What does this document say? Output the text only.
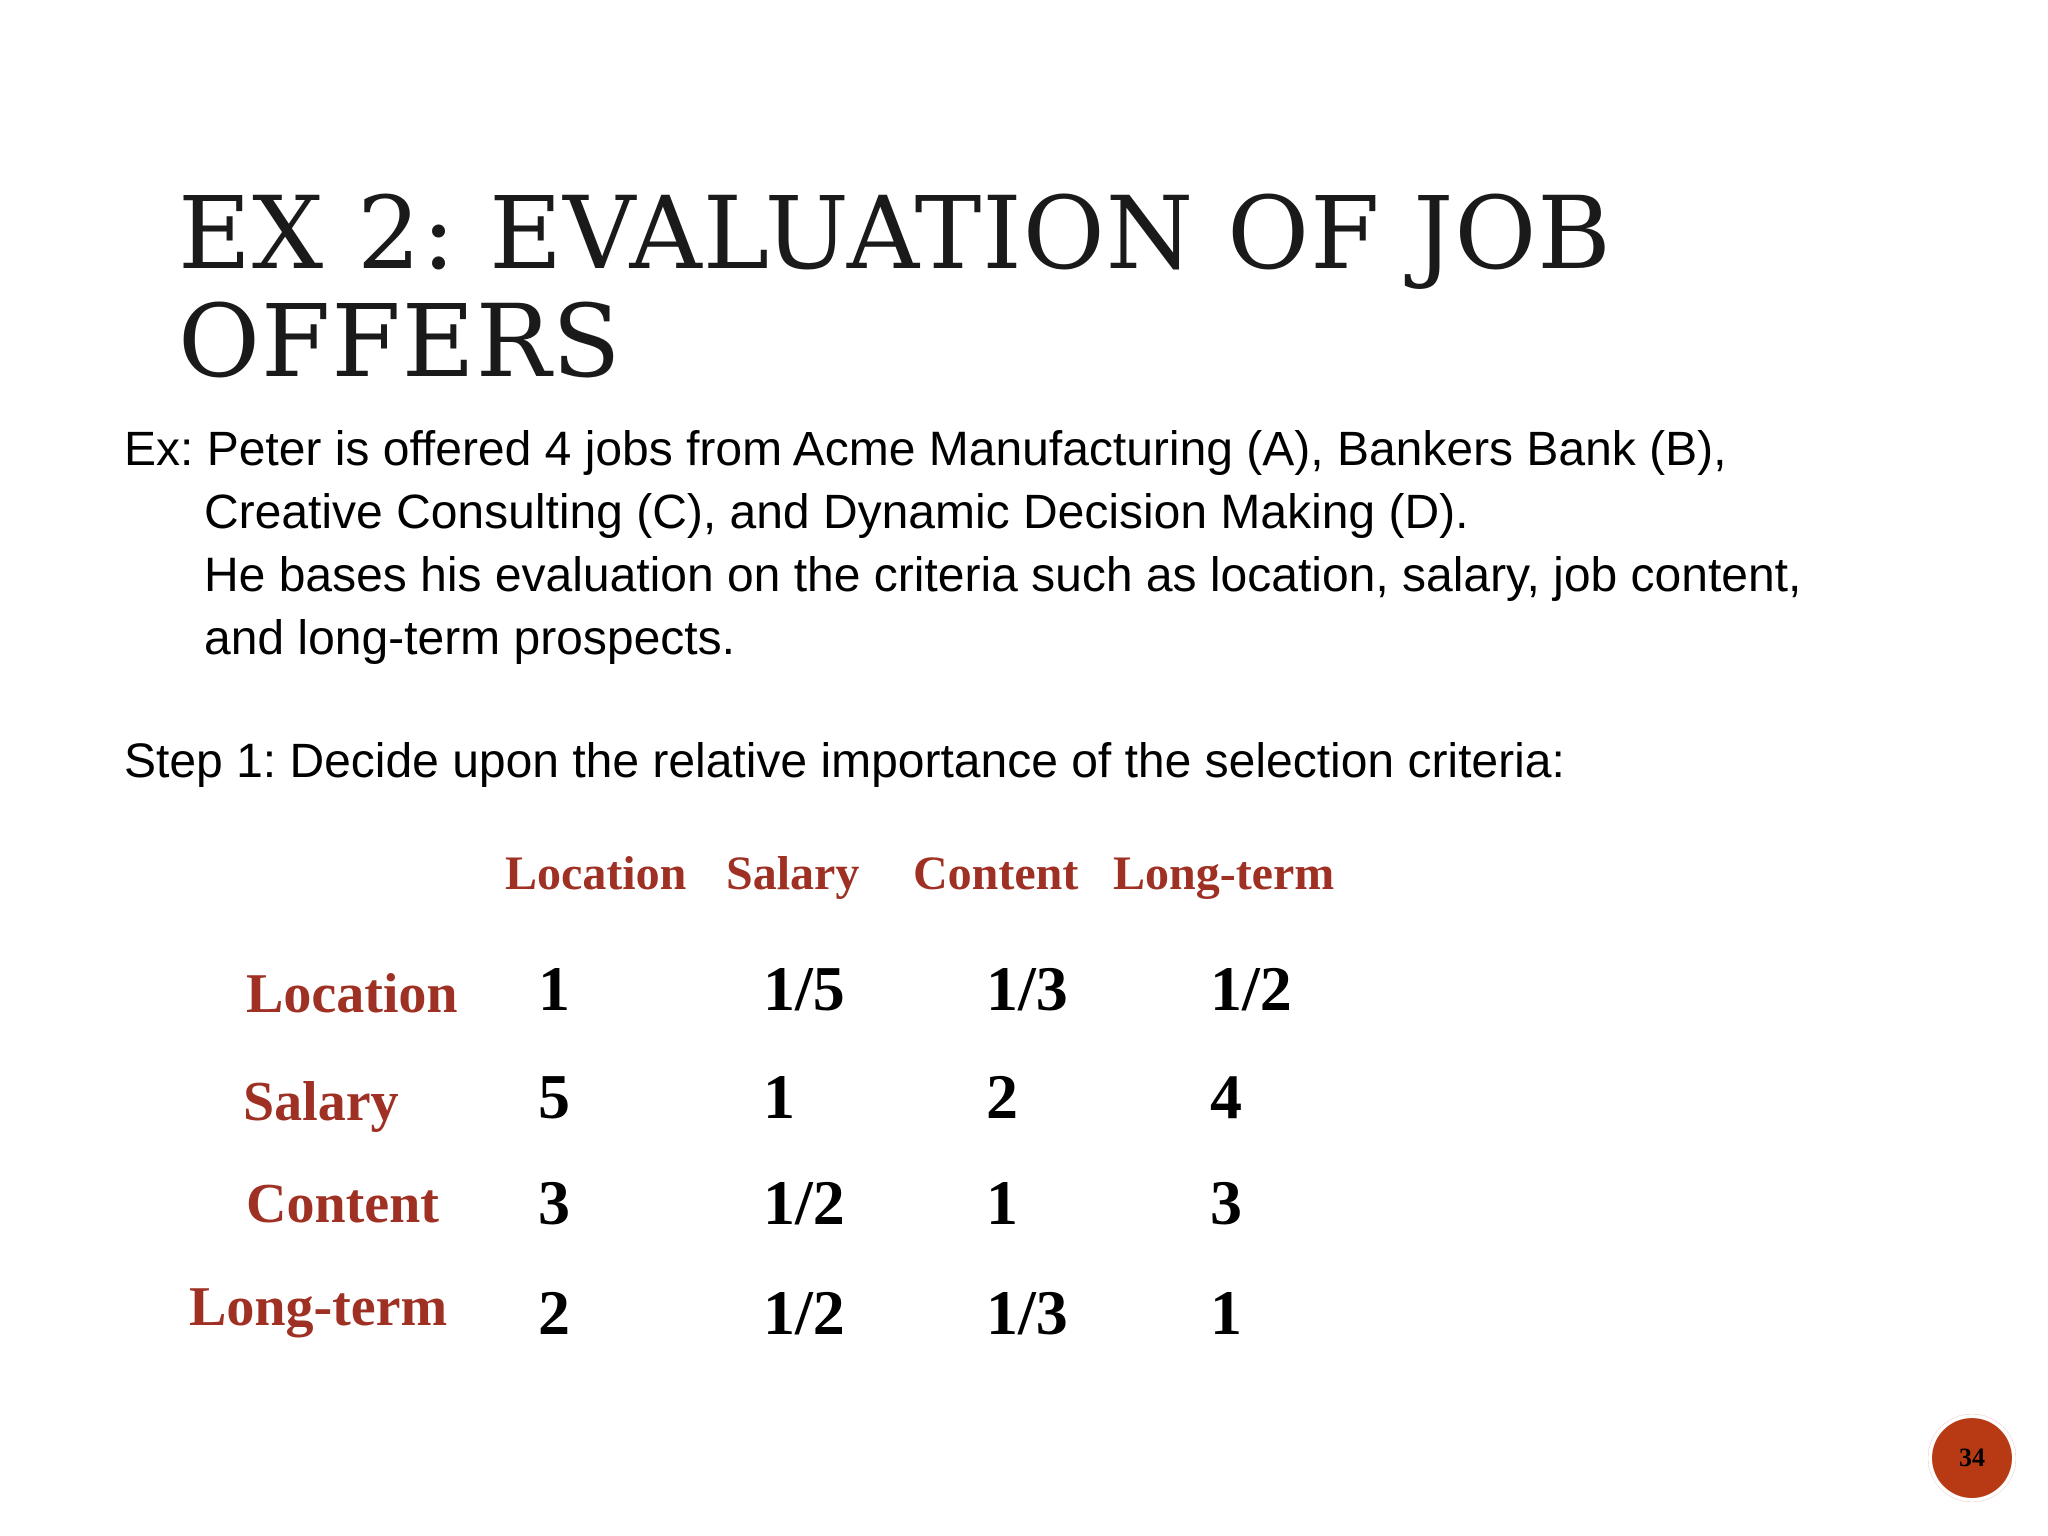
EX 2: EVALUATION OF JOB
OFFERS
Ex: Peter is offered 4 jobs from Acme Manufacturing (A), Bankers Bank (B),
Creative Consulting (C), and Dynamic Decision Making (D).
He bases his evaluation on the criteria such as location, salary, job content,
and long-term prospects.
Step 1: Decide upon the relative importance of the selection criteria:
Location Salary Content Long-term
Location 1	1/5 1/3 1/2
Salary 5	1	2	4
Content 3	1/2 1	3
Long-term 2	1/2 1/3 1
34
